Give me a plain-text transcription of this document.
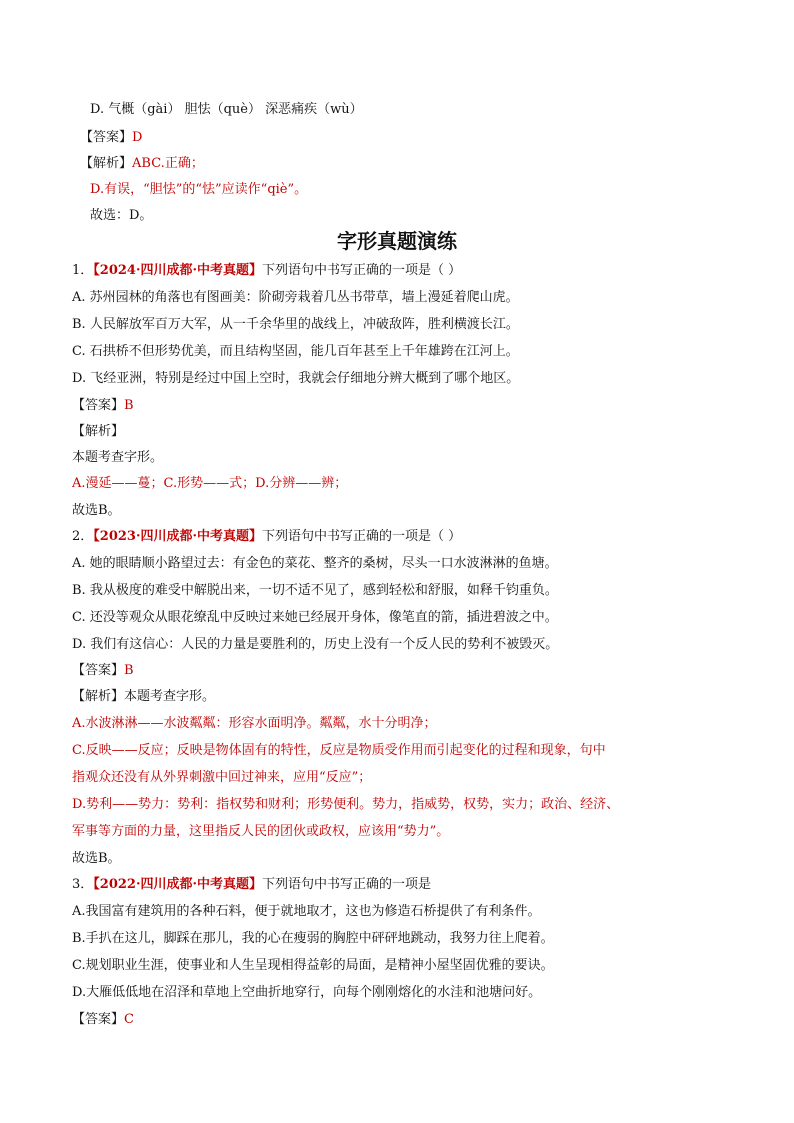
D. 气概（gài） 胆怯（què） 深恶痛疾（wù）
【答案】D
【解析】ABC.正确；
D.有误，“胆怯”的“怯”应读作“qiè”。
故选：D。
字形真题演练
1．【2024·四川成都·中考真题】下列语句中书写正确的一项是（ ）
A. 苏州园林的角落也有图画美：阶砌旁栽着几丛书带草，墙上漫延着爬山虎。
B. 人民解放军百万大军，从一千余华里的战线上，冲破敌阵，胜利横渡长江。
C. 石拱桥不但形势优美，而且结构坚固，能几百年甚至上千年雄跨在江河上。
D. 飞经亚洲，特别是经过中国上空时，我就会仔细地分辨大概到了哪个地区。
【答案】B
【解析】
本题考查字形。
A.漫延——蔓；C.形势——式；D.分辨——辨；
故选B。
2．【2023·四川成都·中考真题】下列语句中书写正确的一项是（ ）
A. 她的眼睛顺小路望过去：有金色的菜花、整齐的桑树，尽头一口水波淋淋的鱼塘。
B. 我从极度的难受中解脱出来，一切不适不见了，感到轻松和舒服，如释千钧重负。
C. 还没等观众从眼花缭乱中反映过来她已经展开身体，像笔直的箭，插进碧波之中。
D. 我们有这信心：人民的力量是要胜利的，历史上没有一个反人民的势利不被毁灭。
【答案】B
【解析】本题考查字形。
A.水波淋淋——水波粼粼：形容水面明净。粼粼，水十分明净；
C.反映——反应；反映是物体固有的特性，反应是物质受作用而引起变化的过程和现象，句中
指观众还没有从外界刺激中回过神来，应用“反应”；
D.势利——势力：势利：指权势和财利；形势便利。势力，指威势，权势，实力；政治、经济、
军事等方面的力量，这里指反人民的团伙或政权，应该用“势力”。
故选B。
3．【2022·四川成都·中考真题】下列语句中书写正确的一项是
A.我国富有建筑用的各种石料，便于就地取才，这也为修造石桥提供了有利条件。
B.手扒在这儿，脚踩在那儿，我的心在瘦弱的胸腔中砰砰地跳动，我努力往上爬着。
C.规划职业生涯，使事业和人生呈现相得益彰的局面，是精神小屋坚固优雅的要诀。
D.大雁低低地在沼泽和草地上空曲折地穿行，向每个刚刚熔化的水洼和池塘问好。
【答案】C
